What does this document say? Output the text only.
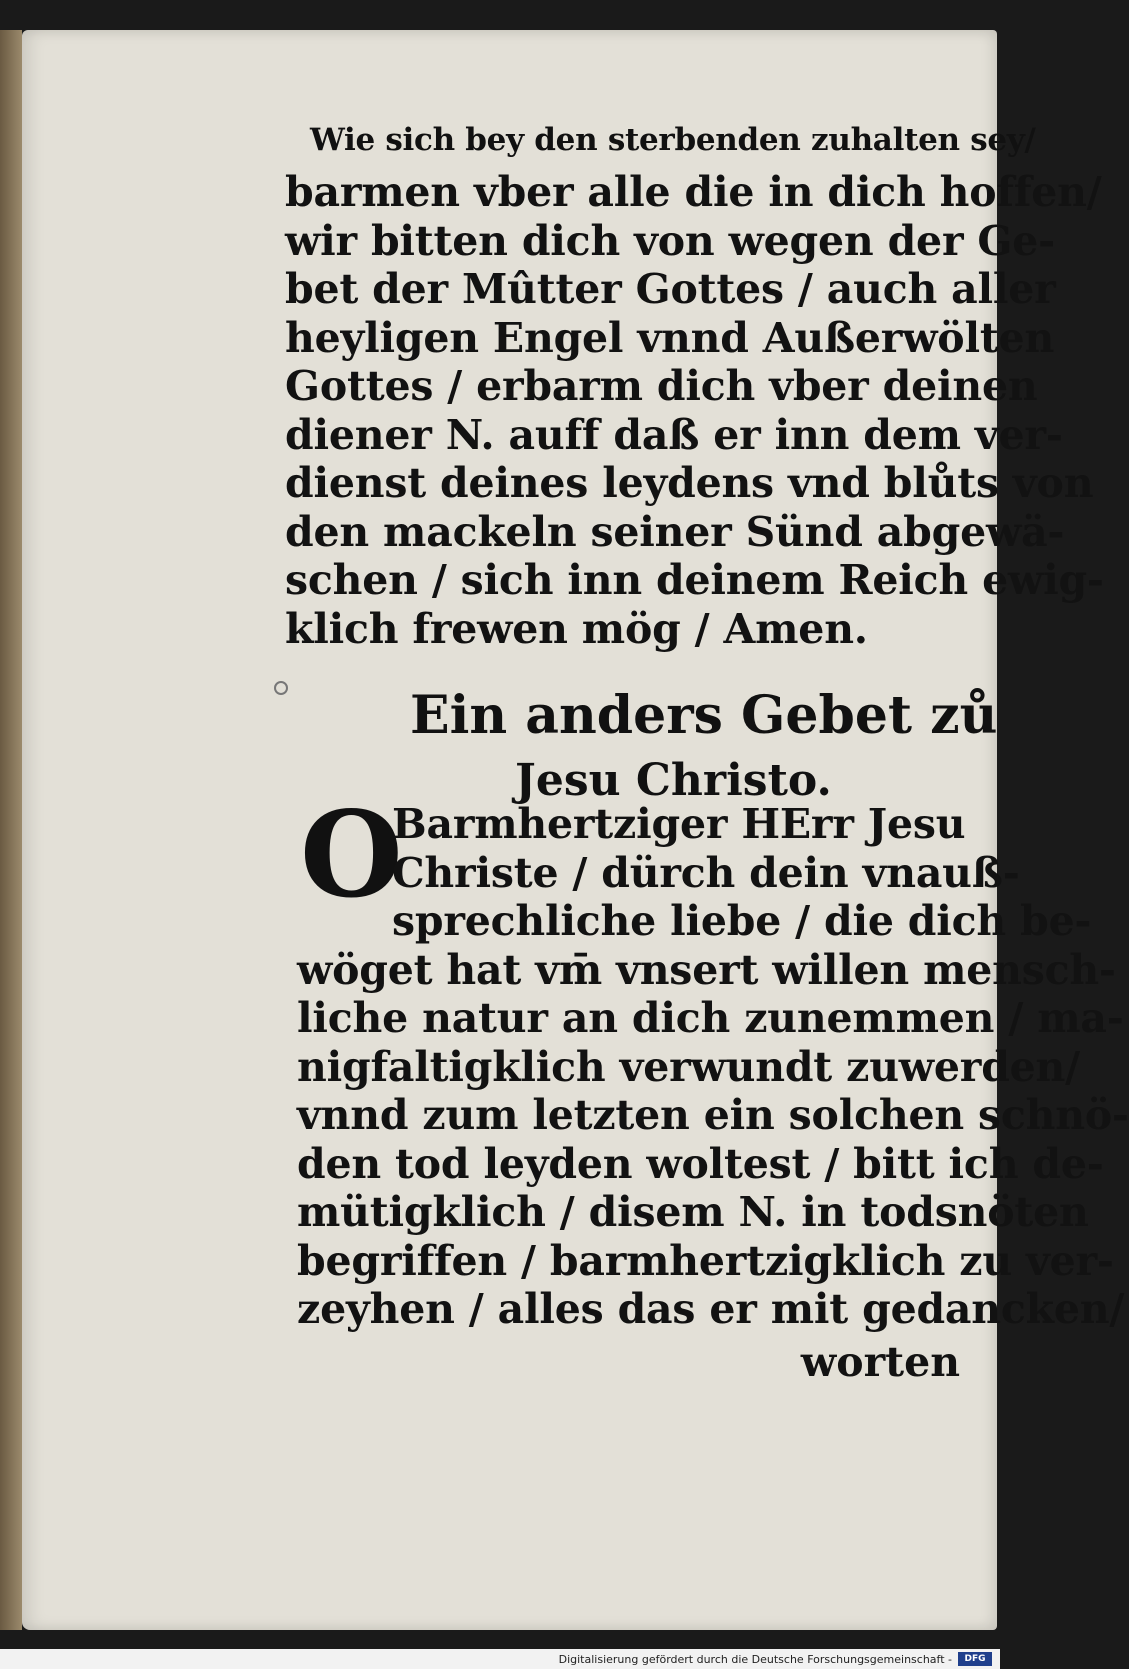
Wie sich bey den sterbenden zuhalten sey/
barmen vber alle die in dich hoffen/
wir bitten dich von wegen der Ge-
bet der Mûtter Gottes / auch aller
heyligen Engel vnnd Außerwölten
Gottes / erbarm dich vber deinen
diener N. auff daß er inn dem ver-
dienst deines leydens vnd blůts von
den mackeln seiner Sünd abgewä-
schen / sich inn deinem Reich ewig-
klich frewen mög / Amen.
Ein anders Gebet zů
Jesu Christo.
O
Barmhertziger HErr Jesu
Christe / dürch dein vnauß-
sprechliche liebe / die dich be-
wöget hat vm̄ vnsert willen mensch-
liche natur an dich zunemmen / ma-
nigfaltigklich verwundt zuwerden/
vnnd zum letzten ein solchen schnö-
den tod leyden woltest / bitt ich de-
mütigklich / disem N. in todsnöten
begriffen / barmhertzigklich zu ver-
zeyhen / alles das er mit gedancken/
worten
Digitalisierung gefördert durch die Deutsche Forschungsgemeinschaft -	DFG
